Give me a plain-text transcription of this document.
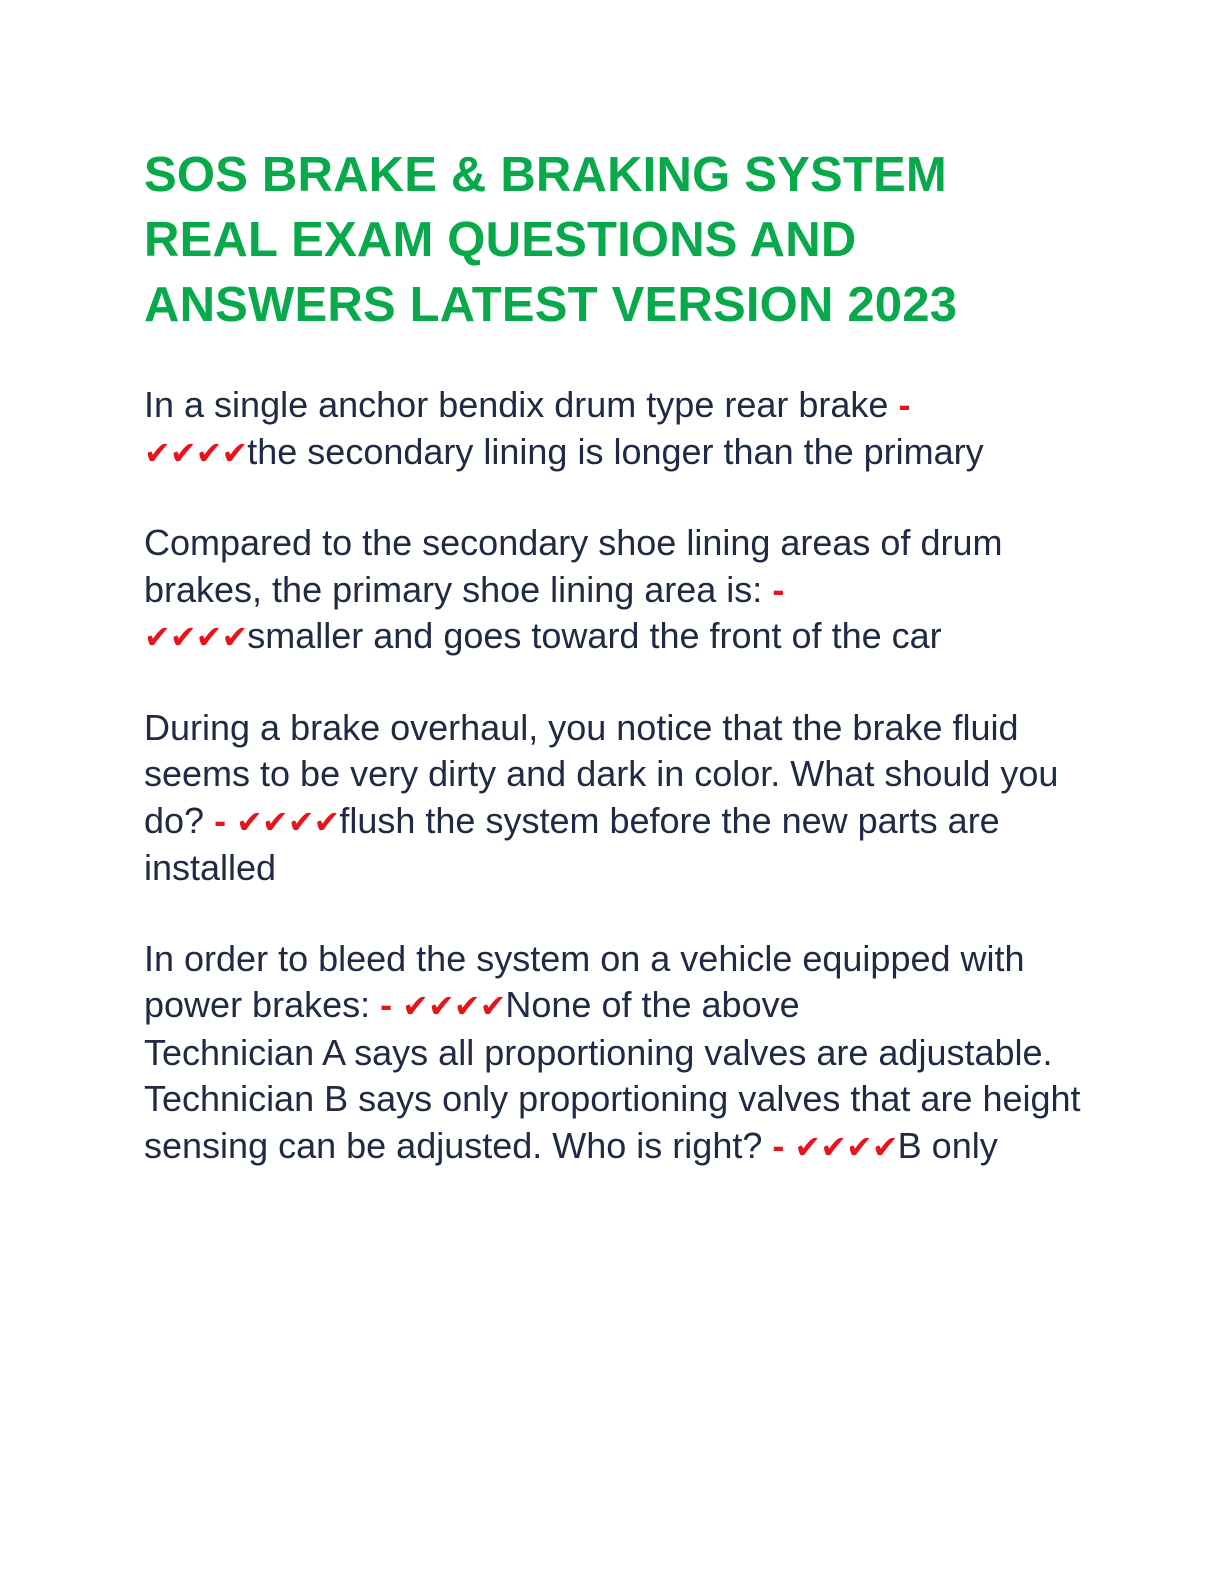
SOS BRAKE & BRAKING SYSTEM REAL EXAM QUESTIONS AND ANSWERS LATEST VERSION 2023

In a single anchor bendix drum type rear brake -
✔✔✔✔the secondary lining is longer than the primary

Compared to the secondary shoe lining areas of drum brakes, the primary shoe lining area is: -
✔✔✔✔smaller and goes toward the front of the car

During a brake overhaul, you notice that the brake fluid seems to be very dirty and dark in color. What should you do? - ✔✔✔✔flush the system before the new parts are installed

In order to bleed the system on a vehicle equipped with power brakes: - ✔✔✔✔None of the above
Technician A says all proportioning valves are adjustable. Technician B says only proportioning valves that are height sensing can be adjusted. Who is right? - ✔✔✔✔B only
